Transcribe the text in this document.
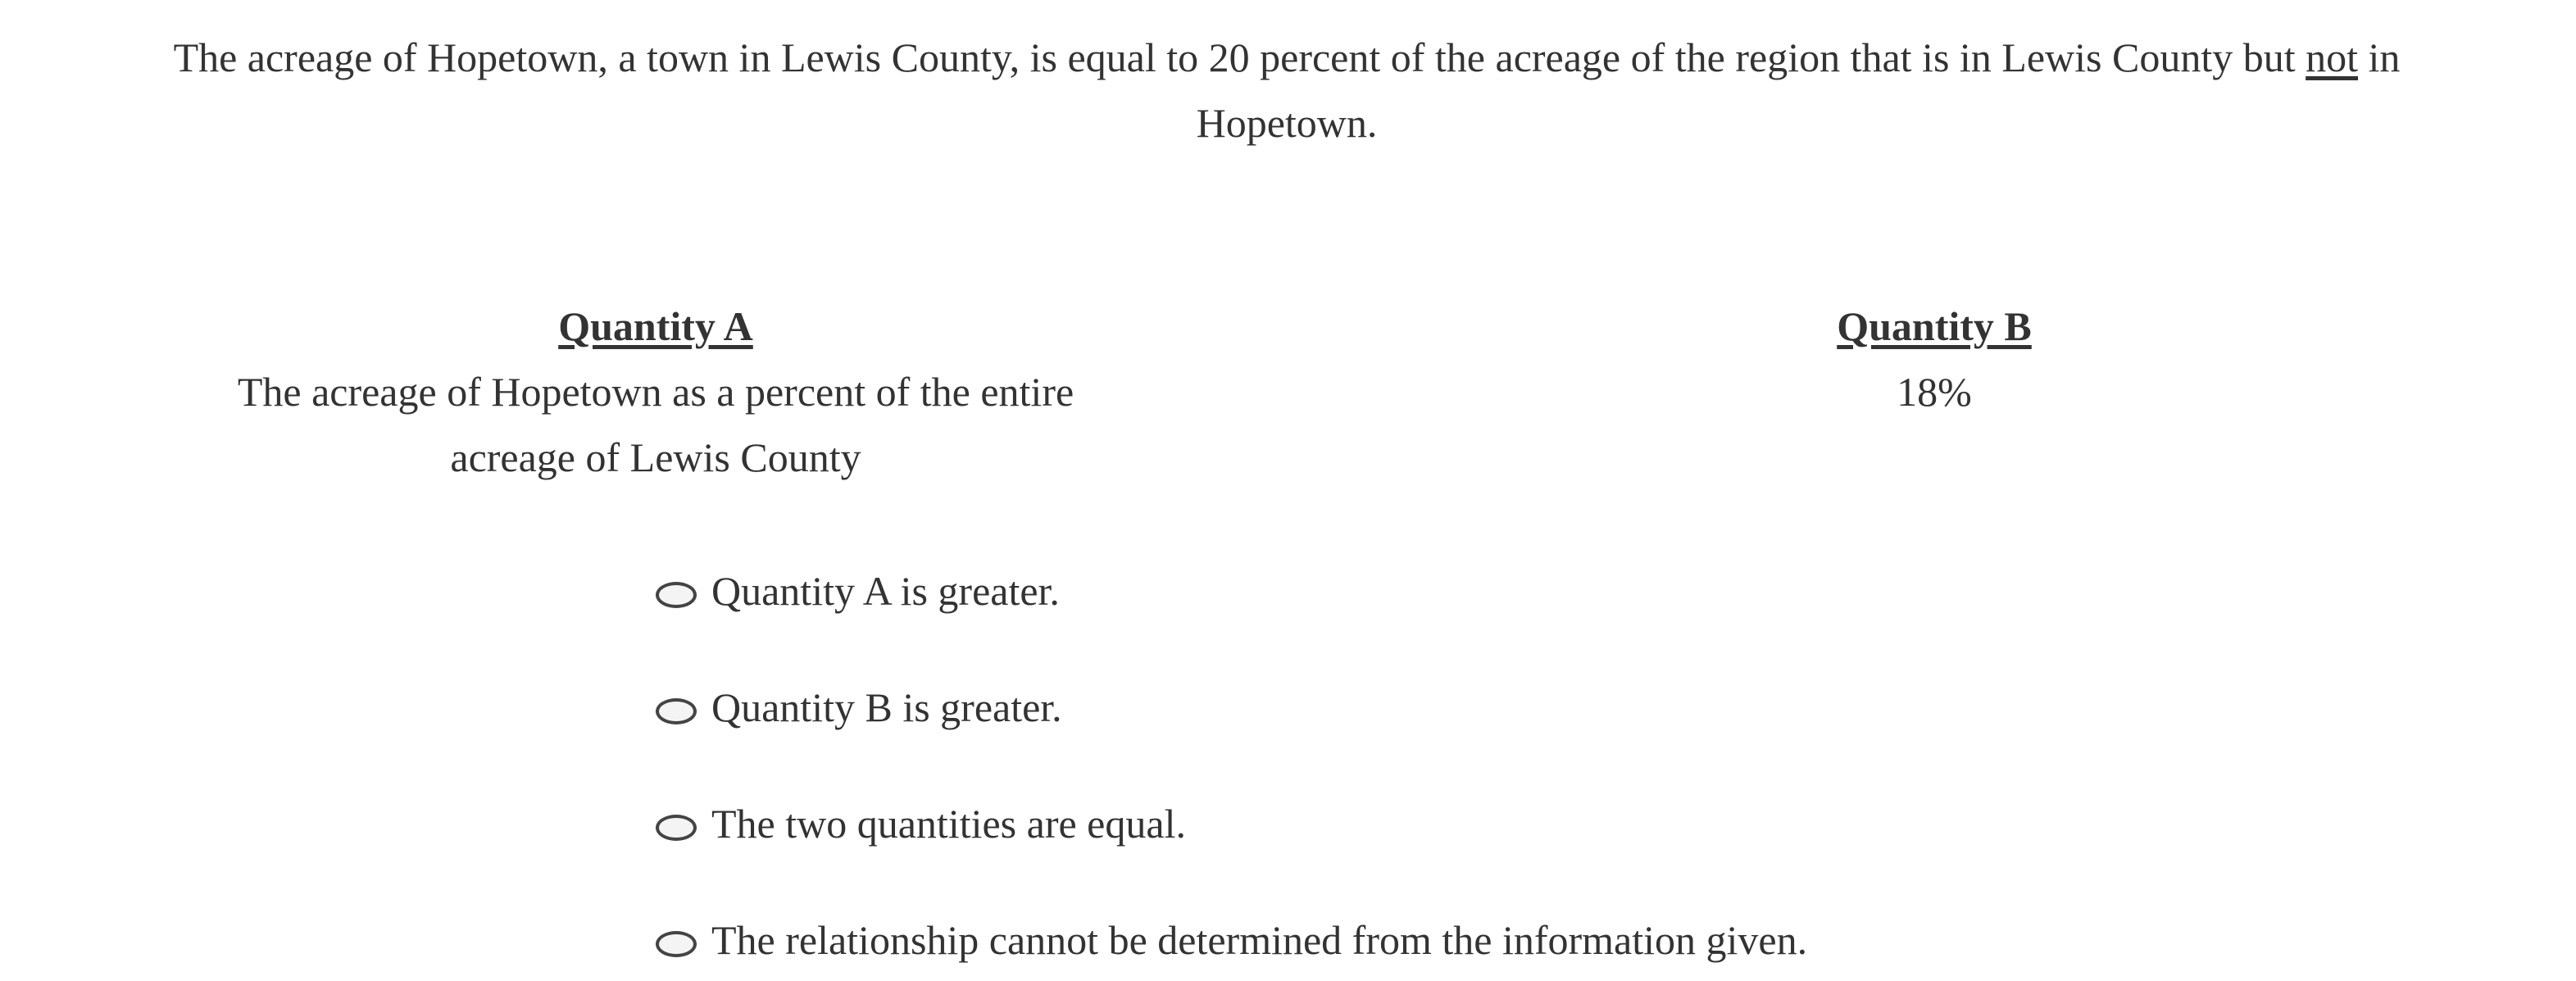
The acreage of Hopetown, a town in Lewis County, is equal to 20 percent of the acreage of the region that is in Lewis County but not in Hopetown.
Quantity A
The acreage of Hopetown as a percent of the entire
acreage of Lewis County
Quantity B
18%
Quantity A is greater.
Quantity B is greater.
The two quantities are equal.
The relationship cannot be determined from the information given.
